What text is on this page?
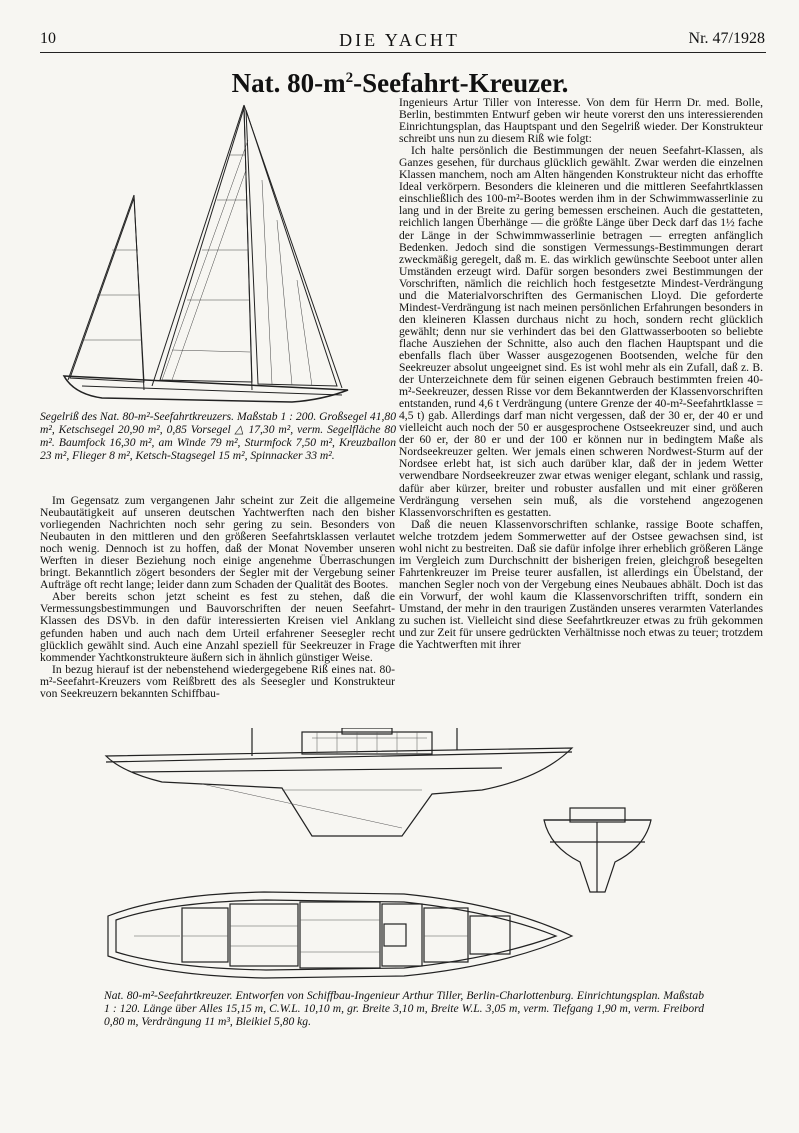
10	DIE YACHT	Nr. 47/1928
Nat. $80-m^2-Seefahrt$-Kreuzer.
Segelriß des Nat. 80-m²-Seefahrtkreuzers. Maßstab 1 : 200. Großsegel 41,80 m², Ketschsegel 20,90 m², 0,85 Vorsegel △ 17,30 m², verm. Segelfläche 80 m². Baumfock 16,30 m², am Winde 79 m², Sturmfock 7,50 m², Kreuzballon 23 m², Flieger 8 m², Ketsch-Stagsegel 15 m², Spinnacker 33 m².

Im Gegensatz zum vergangenen Jahr scheint zur Zeit die allgemeine Neubautätigkeit auf unseren deutschen Yachtwerften nach den bisher vorliegenden Nachrichten noch sehr gering zu sein. Besonders von Neubauten in den mittleren und den größeren Seefahrtsklassen verlautet noch wenig. Dennoch ist zu hoffen, daß der Monat November unseren Werften in dieser Beziehung noch einige angenehme Überraschungen bringt. Bekanntlich zögert besonders der Segler mit der Vergebung seiner Aufträge oft recht lange; leider dann zum Schaden der Qualität des Bootes.

Aber bereits schon jetzt scheint es fest zu stehen, daß die Vermessungsbestimmungen und Bauvorschriften der neuen Seefahrt-Klassen des DSVb. in den dafür interessierten Kreisen viel Anklang gefunden haben und auch nach dem Urteil erfahrener Seesegler recht glücklich gewählt sind. Auch eine Anzahl speziell für Seekreuzer in Frage kommender Yachtkonstrukteure äußern sich in ähnlich günstiger Weise.

In bezug hierauf ist der nebenstehend wiedergegebene Riß eines nat. 80-m²-Seefahrt-Kreuzers vom Reißbrett des als Seesegler und Konstrukteur von Seekreuzern bekannten Schiffbau-

Ingenieurs Artur Tiller von Interesse. Von dem für Herrn Dr. med. Bolle, Berlin, bestimmten Entwurf geben wir heute vorerst den uns interessierenden Einrichtungsplan, das Hauptspant und den Segelriß wieder. Der Konstrukteur schreibt uns nun zu diesem Riß wie folgt:

Ich halte persönlich die Bestimmungen der neuen Seefahrt-Klassen, als Ganzes gesehen, für durchaus glücklich gewählt. Zwar werden die einzelnen Klassen manchem, noch am Alten hängenden Konstrukteur nicht das erhoffte Ideal verkörpern. Besonders die kleineren und die mittleren Seefahrtklassen einschließlich des 100-m²-Bootes werden ihm in der Schwimmwasserlinie zu lang und in der Breite zu gering bemessen erscheinen. Auch die gestatteten, reichlich langen Überhänge — die größte Länge über Deck darf das 1½ fache der Länge in der Schwimmwasserlinie betragen — erregten anfänglich Bedenken. Jedoch sind die sonstigen Vermessungs-Bestimmungen derart zweckmäßig geregelt, daß m. E. das wirklich gewünschte Seeboot unter allen Umständen erzeugt wird. Dafür sorgen besonders zwei Bestimmungen der Vorschriften, nämlich die reichlich hoch festgesetzte Mindest-Verdrängung und die Materialvorschriften des Germanischen Lloyd. Die geforderte Mindest-Verdrängung ist nach meinen persönlichen Erfahrungen besonders in den kleineren Klassen durchaus nicht zu hoch, sondern recht glücklich gewählt; denn nur sie verhindert das bei den Glattwasserbooten so beliebte flache Ausziehen der Schnitte, also auch den flachen Hauptspant und die ebenfalls flach über Wasser ausgezogenen Bootsenden, welche für den Seekreuzer absolut ungeeignet sind. Es ist wohl mehr als ein Zufall, daß z. B. der Unterzeichnete dem für seinen eigenen Gebrauch bestimmten freien 40-m²-Seekreuzer, dessen Risse vor dem Bekanntwerden der Klassenvorschriften entstanden, rund 4,6 t Verdrängung (untere Grenze der 40-m²-Seefahrtklasse = 4,5 t) gab. Allerdings darf man nicht vergessen, daß der 30 er, der 40 er und vielleicht auch noch der 50 er ausgesprochene Ostseekreuzer sind, und auch der 60 er, der 80 er und der 100 er können nur in bedingtem Maße als Nordseekreuzer gelten. Wer jemals einen schweren Nordwest-Sturm auf der Nordsee erlebt hat, ist sich auch darüber klar, daß der in jedem Wetter verwendbare Nordseekreuzer zwar etwas weniger elegant, schlank und rassig, dafür aber kürzer, breiter und robuster ausfallen und mit einer größeren Verdrängung versehen sein muß, als die vorstehend angezogenen Klassenvorschriften es gestatten.

Daß die neuen Klassenvorschriften schlanke, rassige Boote schaffen, welche trotzdem jedem Sommerwetter auf der Ostsee gewachsen sind, ist wohl nicht zu bestreiten. Daß sie dafür infolge ihrer erheblich größeren Länge im Vergleich zum Durchschnitt der bisherigen freien, gleichgroß besegelten Fahrtenkreuzer im Preise teurer ausfallen, ist allerdings ein Übelstand, der manchen Segler noch von der Vergebung eines Neubaues abhält. Doch ist das ein Vorwurf, der wohl kaum die Klassenvorschriften trifft, sondern ein Umstand, der mehr in den traurigen Zuständen unseres verarmten Vaterlandes zu suchen ist. Vielleicht sind diese Seefahrtkreuzer etwas zu früh gekommen und zur Zeit für unsere gedrückten Verhältnisse noch etwas zu teuer; trotzdem die Yachtwerften mit ihrer

Nat. 80-m²-Seefahrtkreuzer. Entworfen von Schiffbau-Ingenieur Arthur Tiller, Berlin-Charlottenburg. Einrichtungsplan. Maßstab 1 : 120. Länge über Alles 15,15 m, C.W.L. 10,10 m, gr. Breite 3,10 m, Breite W.L. 3,05 m, verm. Tiefgang 1,90 m, verm. Freibord 0,80 m, Verdrängung 11 m³, Bleikiel 5,80 kg.
